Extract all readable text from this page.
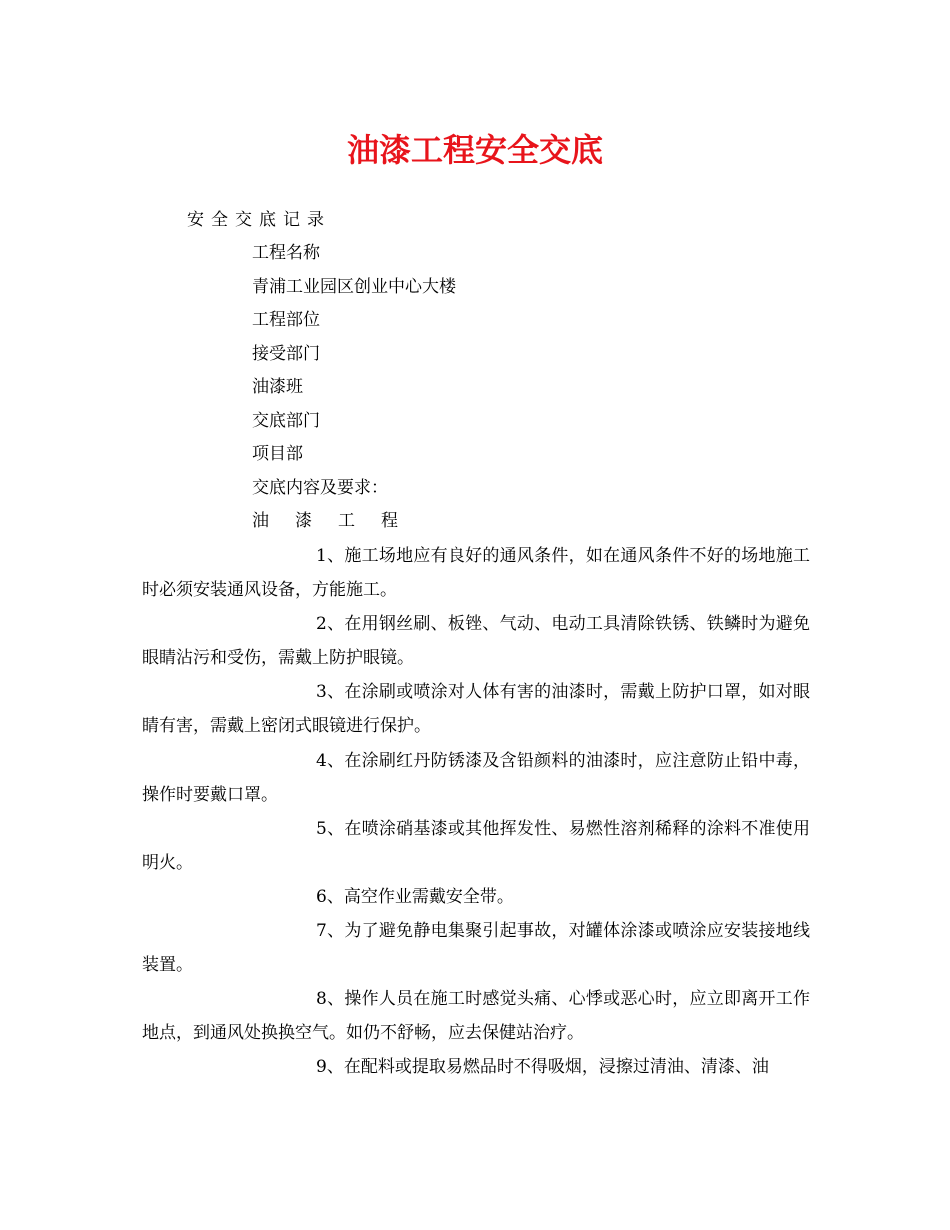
油漆工程安全交底
安全交底记录
工程名称
青浦工业园区创业中心大楼
工程部位
接受部门
油漆班
交底部门
项目部
交底内容及要求：
油漆工程
1、施工场地应有良好的通风条件，如在通风条件不好的场地施工时必须安装通风设备，方能施工。
2、在用钢丝刷、板锉、气动、电动工具清除铁锈、铁鳞时为避免眼睛沾污和受伤，需戴上防护眼镜。
3、在涂刷或喷涂对人体有害的油漆时，需戴上防护口罩，如对眼睛有害，需戴上密闭式眼镜进行保护。
4、在涂刷红丹防锈漆及含铅颜料的油漆时，应注意防止铅中毒，操作时要戴口罩。
5、在喷涂硝基漆或其他挥发性、易燃性溶剂稀释的涂料不准使用明火。
6、高空作业需戴安全带。
7、为了避免静电集聚引起事故，对罐体涂漆或喷涂应安装接地线装置。
8、操作人员在施工时感觉头痛、心悸或恶心时，应立即离开工作地点，到通风处换换空气。如仍不舒畅，应去保健站治疗。
9、在配料或提取易燃品时不得吸烟，浸擦过清油、清漆、油
